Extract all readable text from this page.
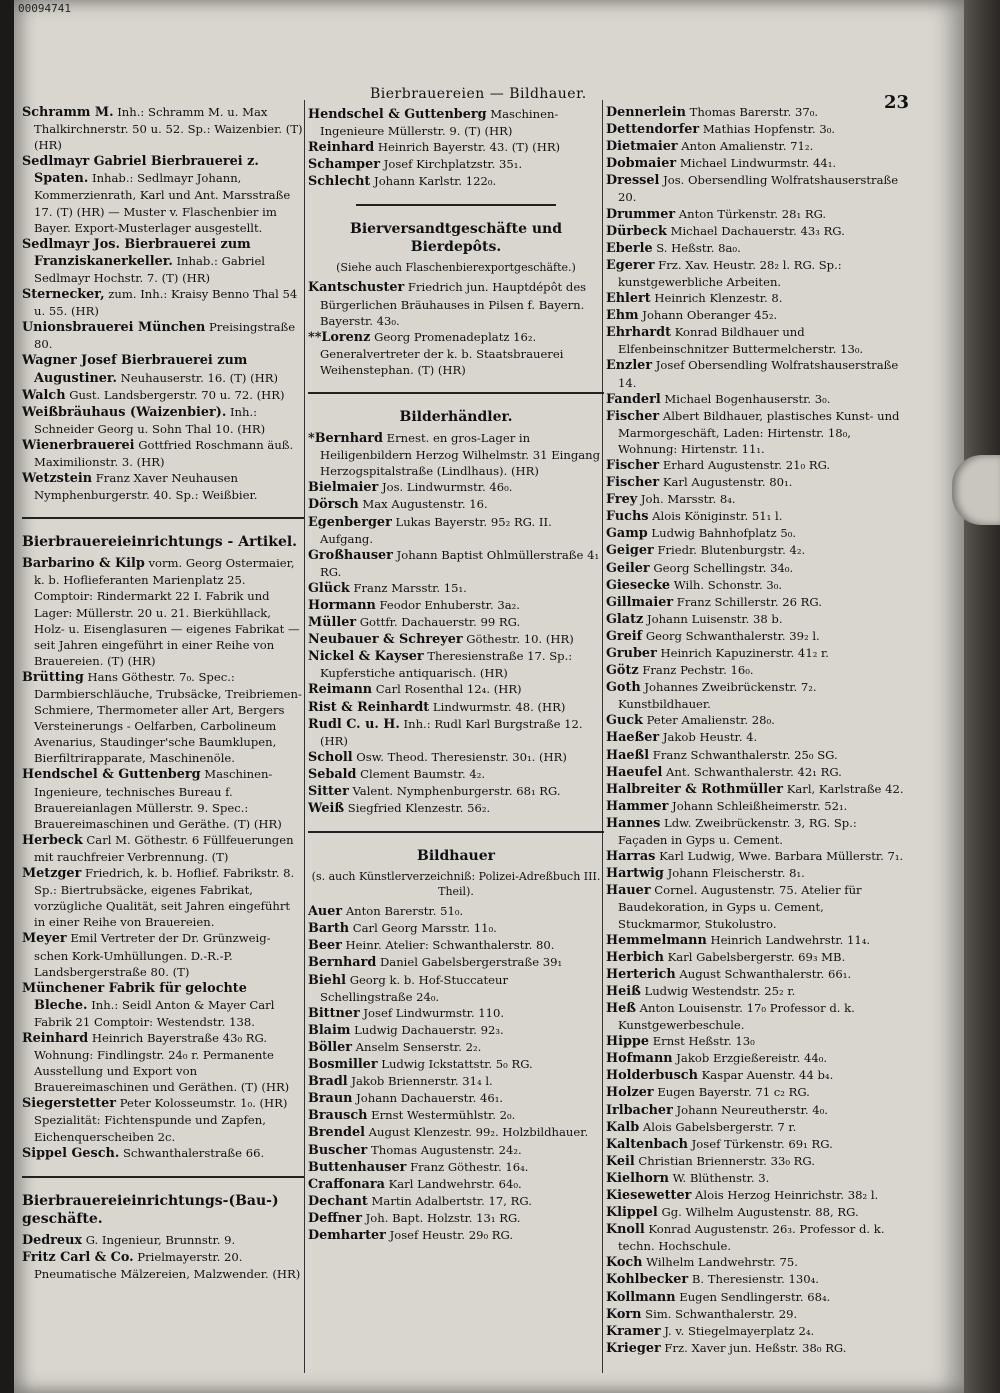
00094741
Bierbrauereien — Bildhauer.	23
Schramm M. Inh.: Schramm M. u. Max Thalkirchnerstr. 50 u. 52. Sp.: Waizenbier. (T) (HR)
Sedlmayr Gabriel Bierbrauerei z. Spaten. Inhab.: Sedlmayr Johann, Kommerzienrath, Karl und Ant. Marsstraße 17. (T) (HR) — Muster v. Flaschenbier im Bayer. Export-Musterlager ausgestellt.
Sedlmayr Jos. Bierbrauerei zum Franziskanerkeller. Inhab.: Gabriel Sedlmayr Hochstr. 7. (T) (HR)
Sternecker, zum. Inh.: Kraisy Benno Thal 54 u. 55. (HR)
Unionsbrauerei München Preisingstraße 80.
Wagner Josef Bierbrauerei zum Augustiner. Neuhauserstr. 16. (T) (HR)
Walch Gust. Landsbergerstr. 70 u. 72. (HR)
Weißbräuhaus (Waizenbier). Inh.: Schneider Georg u. Sohn Thal 10. (HR)
Wienerbrauerei Gottfried Roschmann äuß. Maximilionstr. 3. (HR)
Wetzstein Franz Xaver Neuhausen Nymphenburgerstr. 40. Sp.: Weißbier.
Bierbrauereieinrichtungs - Artikel.
Barbarino & Kilp vorm. Georg Ostermaier, k. b. Hoflieferanten Marienplatz 25. Comptoir: Rindermarkt 22 I. Fabrik und Lager: Müllerstr. 20 u. 21. Bierkühllack, Holz- u. Eisenglasuren — eigenes Fabrikat — seit Jahren eingeführt in einer Reihe von Brauereien. (T) (HR)
Brütting Hans Göthestr. 7₀. Spec.: Darmbierschläuche, Trubsäcke, Treibriemen-Schmiere, Thermometer aller Art, Bergers Versteinerungs - Oelfarben, Carbolineum Avenarius, Staudinger'sche Baumklupen, Bierfiltrirapparate, Maschinenöle.
Hendschel & Guttenberg Maschinen-Ingenieure, technisches Bureau f. Brauereianlagen Müllerstr. 9. Spec.: Brauereimaschinen und Geräthe. (T) (HR)
Herbeck Carl M. Göthestr. 6 Füllfeuerungen mit rauchfreier Verbrennung. (T)
Metzger Friedrich, k. b. Hoflief. Fabrikstr. 8. Sp.: Biertrubsäcke, eigenes Fabrikat, vorzügliche Qualität, seit Jahren eingeführt in einer Reihe von Brauereien.
Meyer Emil Vertreter der Dr. Grünzweig-schen Kork-Umhüllungen. D.-R.-P. Landsbergerstraße 80. (T)
Münchener Fabrik für gelochte Bleche. Inh.: Seidl Anton & Mayer Carl Fabrik 21 Comptoir: Westendstr. 138.
Reinhard Heinrich Bayerstraße 43₀ RG. Wohnung: Findlingstr. 24₀ r. Permanente Ausstellung und Export von Brauereimaschinen und Geräthen. (T) (HR)
Siegerstetter Peter Kolosseumstr. 1₀. (HR) Spezialität: Fichtenspunde und Zapfen, Eichenquerscheiben 2c.
Sippel Gesch. Schwanthalerstraße 66.
Bierbrauereieinrichtungs-(Bau-) geschäfte.
Dedreux G. Ingenieur, Brunnstr. 9.
Fritz Carl & Co. Prielmayerstr. 20. Pneumatische Mälzereien, Malzwender. (HR)
Hendschel & Guttenberg Maschinen-Ingenieure Müllerstr. 9. (T) (HR)
Reinhard Heinrich Bayerstr. 43. (T) (HR)
Schamper Josef Kirchplatzstr. 35₁.
Schlecht Johann Karlstr. 122₀.
Bierversandtgeschäfte und Bierdepôts.
(Siehe auch Flaschenbierexportgeschäfte.)
Kantschuster Friedrich jun. Hauptdépôt des Bürgerlichen Bräuhauses in Pilsen f. Bayern. Bayerstr. 43₀.
**Lorenz Georg Promenadeplatz 16₂. Generalvertreter der k. b. Staatsbrauerei Weihenstephan. (T) (HR)
Bilderhändler.
*Bernhard Ernest. en gros-Lager in Heiligenbildern Herzog Wilhelmstr. 31 Eingang Herzogspitalstraße (Lindlhaus). (HR)
Bielmaier Jos. Lindwurmstr. 46₀.
Dörsch Max Augustenstr. 16.
Egenberger Lukas Bayerstr. 95₂ RG. II. Aufgang.
Großhauser Johann Baptist Ohlmüllerstraße 4₁ RG.
Glück Franz Marsstr. 15₁.
Hormann Feodor Enhuberstr. 3a₂.
Müller Gottfr. Dachauerstr. 99 RG.
Neubauer & Schreyer Göthestr. 10. (HR)
Nickel & Kayser Theresienstraße 17. Sp.: Kupferstiche antiquarisch. (HR)
Reimann Carl Rosenthal 12₄. (HR)
Rist & Reinhardt Lindwurmstr. 48. (HR)
Rudl C. u. H. Inh.: Rudl Karl Burgstraße 12. (HR)
Scholl Osw. Theod. Theresienstr. 30₁. (HR)
Sebald Clement Baumstr. 4₂.
Sitter Valent. Nymphenburgerstr. 68₁ RG.
Weiß Siegfried Klenzestr. 56₂.
Bildhauer
(s. auch Künstlerverzeichniß: Polizei-Adreßbuch III. Theil).
Auer Anton Barerstr. 51₀.
Barth Carl Georg Marsstr. 11₀.
Beer Heinr. Atelier: Schwanthalerstr. 80.
Bernhard Daniel Gabelsbergerstraße 39₁
Biehl Georg k. b. Hof-Stuccateur Schellingstraße 24₀.
Bittner Josef Lindwurmstr. 110.
Blaim Ludwig Dachauerstr. 92₃.
Böller Anselm Senserstr. 2₂.
Bosmiller Ludwig Ickstattstr. 5₀ RG.
Bradl Jakob Briennerstr. 31₄ l.
Braun Johann Dachauerstr. 46₁.
Brausch Ernst Westermühlstr. 2₀.
Brendel August Klenzestr. 99₂. Holzbildhauer.
Buscher Thomas Augustenstr. 24₂.
Buttenhauser Franz Göthestr. 16₄.
Craffonara Karl Landwehrstr. 64₀.
Dechant Martin Adalbertstr. 17, RG.
Deffner Joh. Bapt. Holzstr. 13₁ RG.
Demharter Josef Heustr. 29₀ RG.
Dennerlein Thomas Barerstr. 37₀.
Dettendorfer Mathias Hopfenstr. 3₀.
Dietmaier Anton Amalienstr. 71₂.
Dobmaier Michael Lindwurmstr. 44₁.
Dressel Jos. Obersendling Wolfratshauserstraße 20.
Drummer Anton Türkenstr. 28₁ RG.
Dürbeck Michael Dachauerstr. 43₃ RG.
Eberle S. Heßstr. 8a₀.
Egerer Frz. Xav. Heustr. 28₂ l. RG. Sp.: kunstgewerbliche Arbeiten.
Ehlert Heinrich Klenzestr. 8.
Ehm Johann Oberanger 45₂.
Ehrhardt Konrad Bildhauer und Elfenbeinschnitzer Buttermelcherstr. 13₀.
Enzler Josef Obersendling Wolfratshauserstraße 14.
Fanderl Michael Bogenhauserstr. 3₀.
Fischer Albert Bildhauer, plastisches Kunst- und Marmorgeschäft, Laden: Hirtenstr. 18₀, Wohnung: Hirtenstr. 11₁.
Fischer Erhard Augustenstr. 21₀ RG.
Fischer Karl Augustenstr. 80₁.
Frey Joh. Marsstr. 8₄.
Fuchs Alois Königinstr. 51₁ l.
Gamp Ludwig Bahnhofplatz 5₀.
Geiger Friedr. Blutenburgstr. 4₂.
Geiler Georg Schellingstr. 34₀.
Giesecke Wilh. Schonstr. 3₀.
Gillmaier Franz Schillerstr. 26 RG.
Glatz Johann Luisenstr. 38 b.
Greif Georg Schwanthalerstr. 39₂ l.
Gruber Heinrich Kapuzinerstr. 41₂ r.
Götz Franz Pechstr. 16₀.
Goth Johannes Zweibrückenstr. 7₂. Kunstbildhauer.
Guck Peter Amalienstr. 28₀.
Haeßer Jakob Heustr. 4.
Haeßl Franz Schwanthalerstr. 25₀ SG.
Haeufel Ant. Schwanthalerstr. 42₁ RG.
Halbreiter & Rothmüller Karl, Karlstraße 42.
Hammer Johann Schleißheimerstr. 52₁.
Hannes Ldw. Zweibrückenstr. 3, RG. Sp.: Façaden in Gyps u. Cement.
Harras Karl Ludwig, Wwe. Barbara Müllerstr. 7₁.
Hartwig Johann Fleischerstr. 8₁.
Hauer Cornel. Augustenstr. 75. Atelier für Baudekoration, in Gyps u. Cement, Stuckmarmor, Stukolustro.
Hemmelmann Heinrich Landwehrstr. 11₄.
Herbich Karl Gabelsbergerstr. 69₃ MB.
Herterich August Schwanthalerstr. 66₁.
Heiß Ludwig Westendstr. 25₂ r.
Heß Anton Louisenstr. 17₀ Professor d. k. Kunstgewerbeschule.
Hippe Ernst Heßstr. 13₀
Hofmann Jakob Erzgießereistr. 44₀.
Holderbusch Kaspar Auenstr. 44 b₄.
Holzer Eugen Bayerstr. 71 c₂ RG.
Irlbacher Johann Neureutherstr. 4₀.
Kalb Alois Gabelsbergerstr. 7 r.
Kaltenbach Josef Türkenstr. 69₁ RG.
Keil Christian Briennerstr. 33₀ RG.
Kielhorn W. Blüthenstr. 3.
Kiesewetter Alois Herzog Heinrichstr. 38₂ l.
Klippel Gg. Wilhelm Augustenstr. 88, RG.
Knoll Konrad Augustenstr. 26₃. Professor d. k. techn. Hochschule.
Koch Wilhelm Landwehrstr. 75.
Kohlbecker B. Theresienstr. 130₄.
Kollmann Eugen Sendlingerstr. 68₄.
Korn Sim. Schwanthalerstr. 29.
Kramer J. v. Stiegelmayerplatz 2₄.
Krieger Frz. Xaver jun. Heßstr. 38₀ RG.
